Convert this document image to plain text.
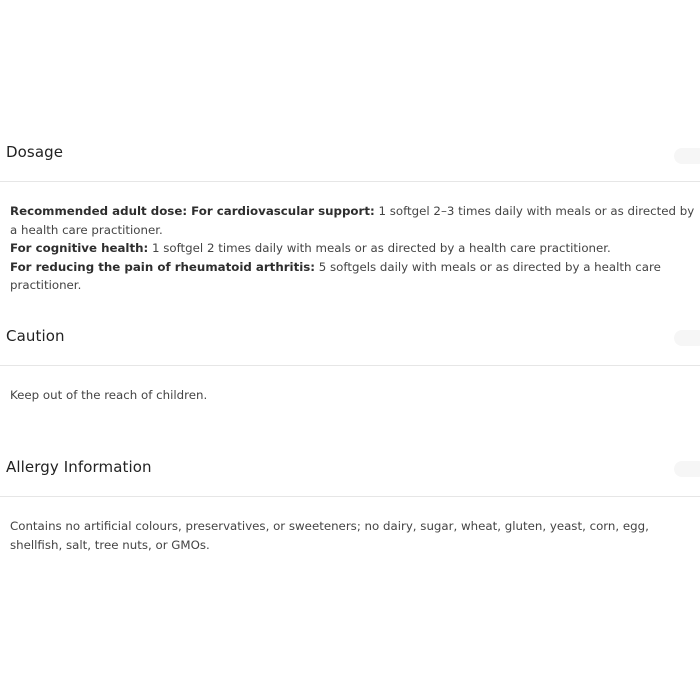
Dosage

Recommended adult dose: For cardiovascular support: 1 softgel 2–3 times daily with meals or as directed by a health care practitioner.

For cognitive health: 1 softgel 2 times daily with meals or as directed by a health care practitioner.

For reducing the pain of rheumatoid arthritis: 5 softgels daily with meals or as directed by a health care practitioner.

Caution

Keep out of the reach of children.

Allergy Information

Contains no artificial colours, preservatives, or sweeteners; no dairy, sugar, wheat, gluten, yeast, corn, egg, shellfish, salt, tree nuts, or GMOs.
